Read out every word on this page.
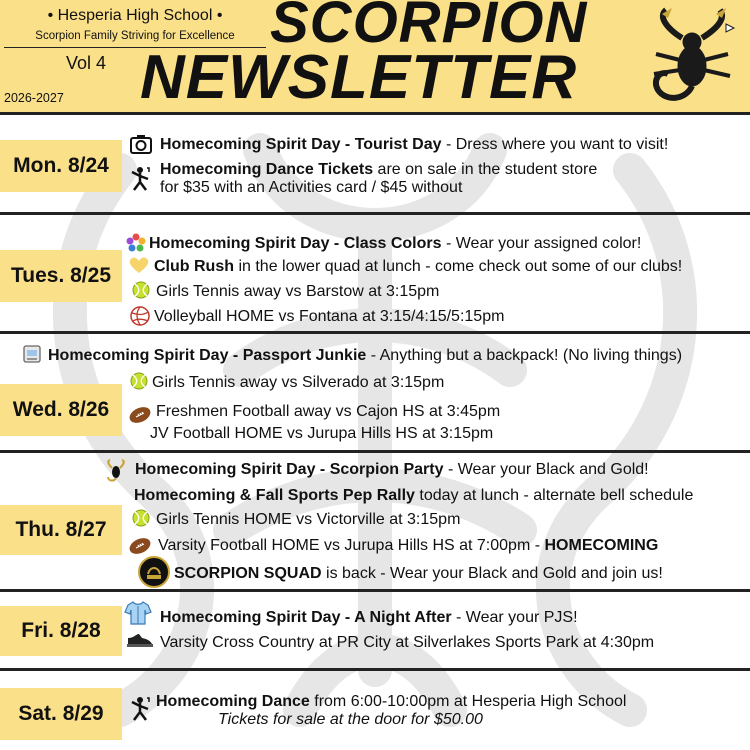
• Hesperia High School •
Scorpion Family Striving for Excellence
Vol 4
2026-2027
SCORPION
NEWSLETTER
Mon. 8/24
Homecoming Spirit Day - Tourist Day - Dress where you want to visit!
Homecoming Dance Tickets are on sale in the student store
for $35 with an Activities card / $45 without
Tues. 8/25
Homecoming Spirit Day - Class Colors - Wear your assigned color!
Club Rush in the lower quad at lunch - come check out some of our clubs!
Girls Tennis away vs Barstow at 3:15pm
Volleyball HOME vs Fontana at 3:15/4:15/5:15pm
Homecoming Spirit Day - Passport Junkie - Anything but a backpack! (No living things)
Wed. 8/26
Girls Tennis away vs Silverado at 3:15pm
Freshmen Football away vs Cajon HS at 3:45pm
JV Football HOME vs Jurupa Hills HS at 3:15pm
Homecoming Spirit Day - Scorpion Party - Wear your Black and Gold!
Homecoming & Fall Sports Pep Rally today at lunch - alternate bell schedule
Thu. 8/27	Girls Tennis HOME vs Victorville at 3:15pm
Varsity Football HOME vs Jurupa Hills HS at 7:00pm - HOMECOMING
SCORPION SQUAD is back - Wear your Black and Gold and join us!
Fri. 8/28
Homecoming Spirit Day - A Night After - Wear your PJS!
Varsity Cross Country at PR City at Silverlakes Sports Park at 4:30pm
Sat. 8/29
Homecoming Dance from 6:00-10:00pm at Hesperia High School
Tickets for sale at the door for $50.00
